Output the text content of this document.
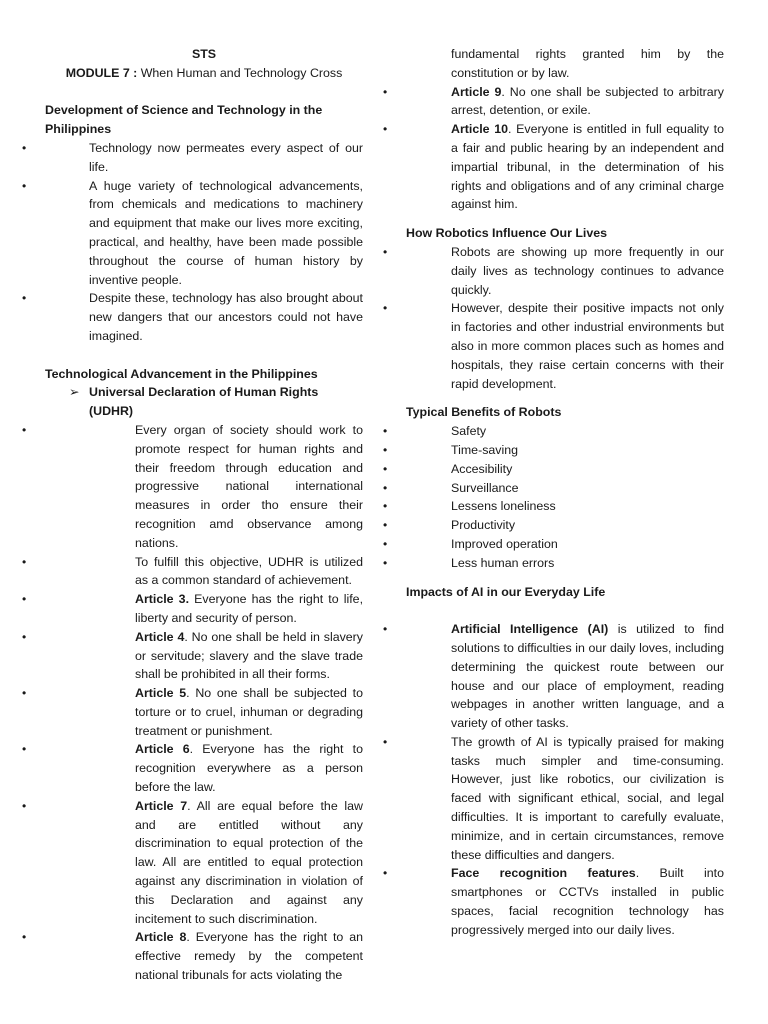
STS
MODULE 7 : When Human and Technology Cross
Development of Science and Technology in the Philippines
• Technology now permeates every aspect of our life.
• A huge variety of technological advancements, from chemicals and medications to machinery and equipment that make our lives more exciting, practical, and healthy, have been made possible throughout the course of human history by inventive people.
• Despite these, technology has also brought about new dangers that our ancestors could not have imagined.
Technological Advancement in the Philippines
➢ Universal Declaration of Human Rights (UDHR)
• Every organ of society should work to promote respect for human rights and their freedom through education and progressive national international measures in order tho ensure their recognition amd observance among nations.
• To fulfill this objective, UDHR is utilized as a common standard of achievement.
• Article 3. Everyone has the right to life, liberty and security of person.
• Article 4. No one shall be held in slavery or servitude; slavery and the slave trade shall be prohibited in all their forms.
• Article 5. No one shall be subjected to torture or to cruel, inhuman or degrading treatment or punishment.
• Article 6. Everyone has the right to recognition everywhere as a person before the law.
• Article 7. All are equal before the law and are entitled without any discrimination to equal protection of the law. All are entitled to equal protection against any discrimination in violation of this Declaration and against any incitement to such discrimination.
• Article 8. Everyone has the right to an effective remedy by the competent national tribunals for acts violating the
fundamental rights granted him by the constitution or by law.
• Article 9. No one shall be subjected to arbitrary arrest, detention, or exile.
• Article 10. Everyone is entitled in full equality to a fair and public hearing by an independent and impartial tribunal, in the determination of his rights and obligations and of any criminal charge against him.
How Robotics Influence Our Lives
• Robots are showing up more frequently in our daily lives as technology continues to advance quickly.
• However, despite their positive impacts not only in factories and other industrial environments but also in more common places such as homes and hospitals, they raise certain concerns with their rapid development.
Typical Benefits of Robots
• Safety
• Time-saving
• Accesibility
• Surveillance
• Lessens loneliness
• Productivity
• Improved operation
• Less human errors
Impacts of AI in our Everyday Life
• Artificial Intelligence (AI) is utilized to find solutions to difficulties in our daily loves, including determining the quickest route between our house and our place of employment, reading webpages in another written language, and a variety of other tasks.
• The growth of AI is typically praised for making tasks much simpler and time-consuming. However, just like robotics, our civilization is faced with significant ethical, social, and legal difficulties. It is important to carefully evaluate, minimize, and in certain circumstances, remove these difficulties and dangers.
• Face recognition features. Built into smartphones or CCTVs installed in public spaces, facial recognition technology has progressively merged into our daily lives.
